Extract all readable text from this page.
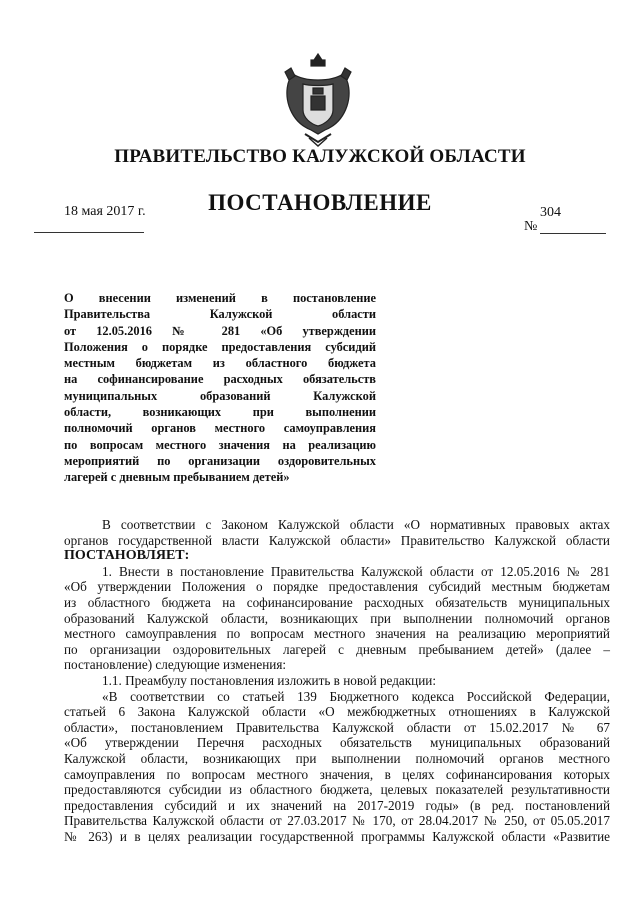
ПРАВИТЕЛЬСТВО КАЛУЖСКОЙ ОБЛАСТИ
ПОСТАНОВЛЕНИЕ
18 мая 2017 г.	304
№
О внесении изменений в постановление
Правительства Калужской области
от 12.05.2016 № 281 «Об утверждении
Положения о порядке предоставления субсидий
местным бюджетам из областного бюджета
на софинансирование расходных обязательств
муниципальных образований Калужской
области, возникающих при выполнении
полномочий органов местного самоуправления
по вопросам местного значения на реализацию
мероприятий по организации оздоровительных
лагерей с дневным пребыванием детей»
В соответствии с Законом Калужской области «О нормативных правовых актах
органов государственной власти Калужской области» Правительство Калужской области
ПОСТАНОВЛЯЕТ:
1. Внести в постановление Правительства Калужской области от 12.05.2016 № 281
«Об утверждении Положения о порядке предоставления субсидий местным бюджетам
из областного бюджета на софинансирование расходных обязательств муниципальных
образований Калужской области, возникающих при выполнении полномочий органов
местного самоуправления по вопросам местного значения на реализацию мероприятий
по организации оздоровительных лагерей с дневным пребыванием детей» (далее –
постановление) следующие изменения:
1.1. Преамбулу постановления изложить в новой редакции:
«В соответствии со статьей 139 Бюджетного кодекса Российской Федерации,
статьей 6 Закона Калужской области «О межбюджетных отношениях в Калужской
области», постановлением Правительства Калужской области от 15.02.2017 № 67
«Об утверждении Перечня расходных обязательств муниципальных образований
Калужской области, возникающих при выполнении полномочий органов местного
самоуправления по вопросам местного значения, в целях софинансирования которых
предоставляются субсидии из областного бюджета, целевых показателей результативности
предоставления субсидий и их значений на 2017-2019 годы» (в ред. постановлений
Правительства Калужской области от 27.03.2017 № 170, от 28.04.2017 № 250, от 05.05.2017
№ 263) и в целях реализации государственной программы Калужской области «Развитие
